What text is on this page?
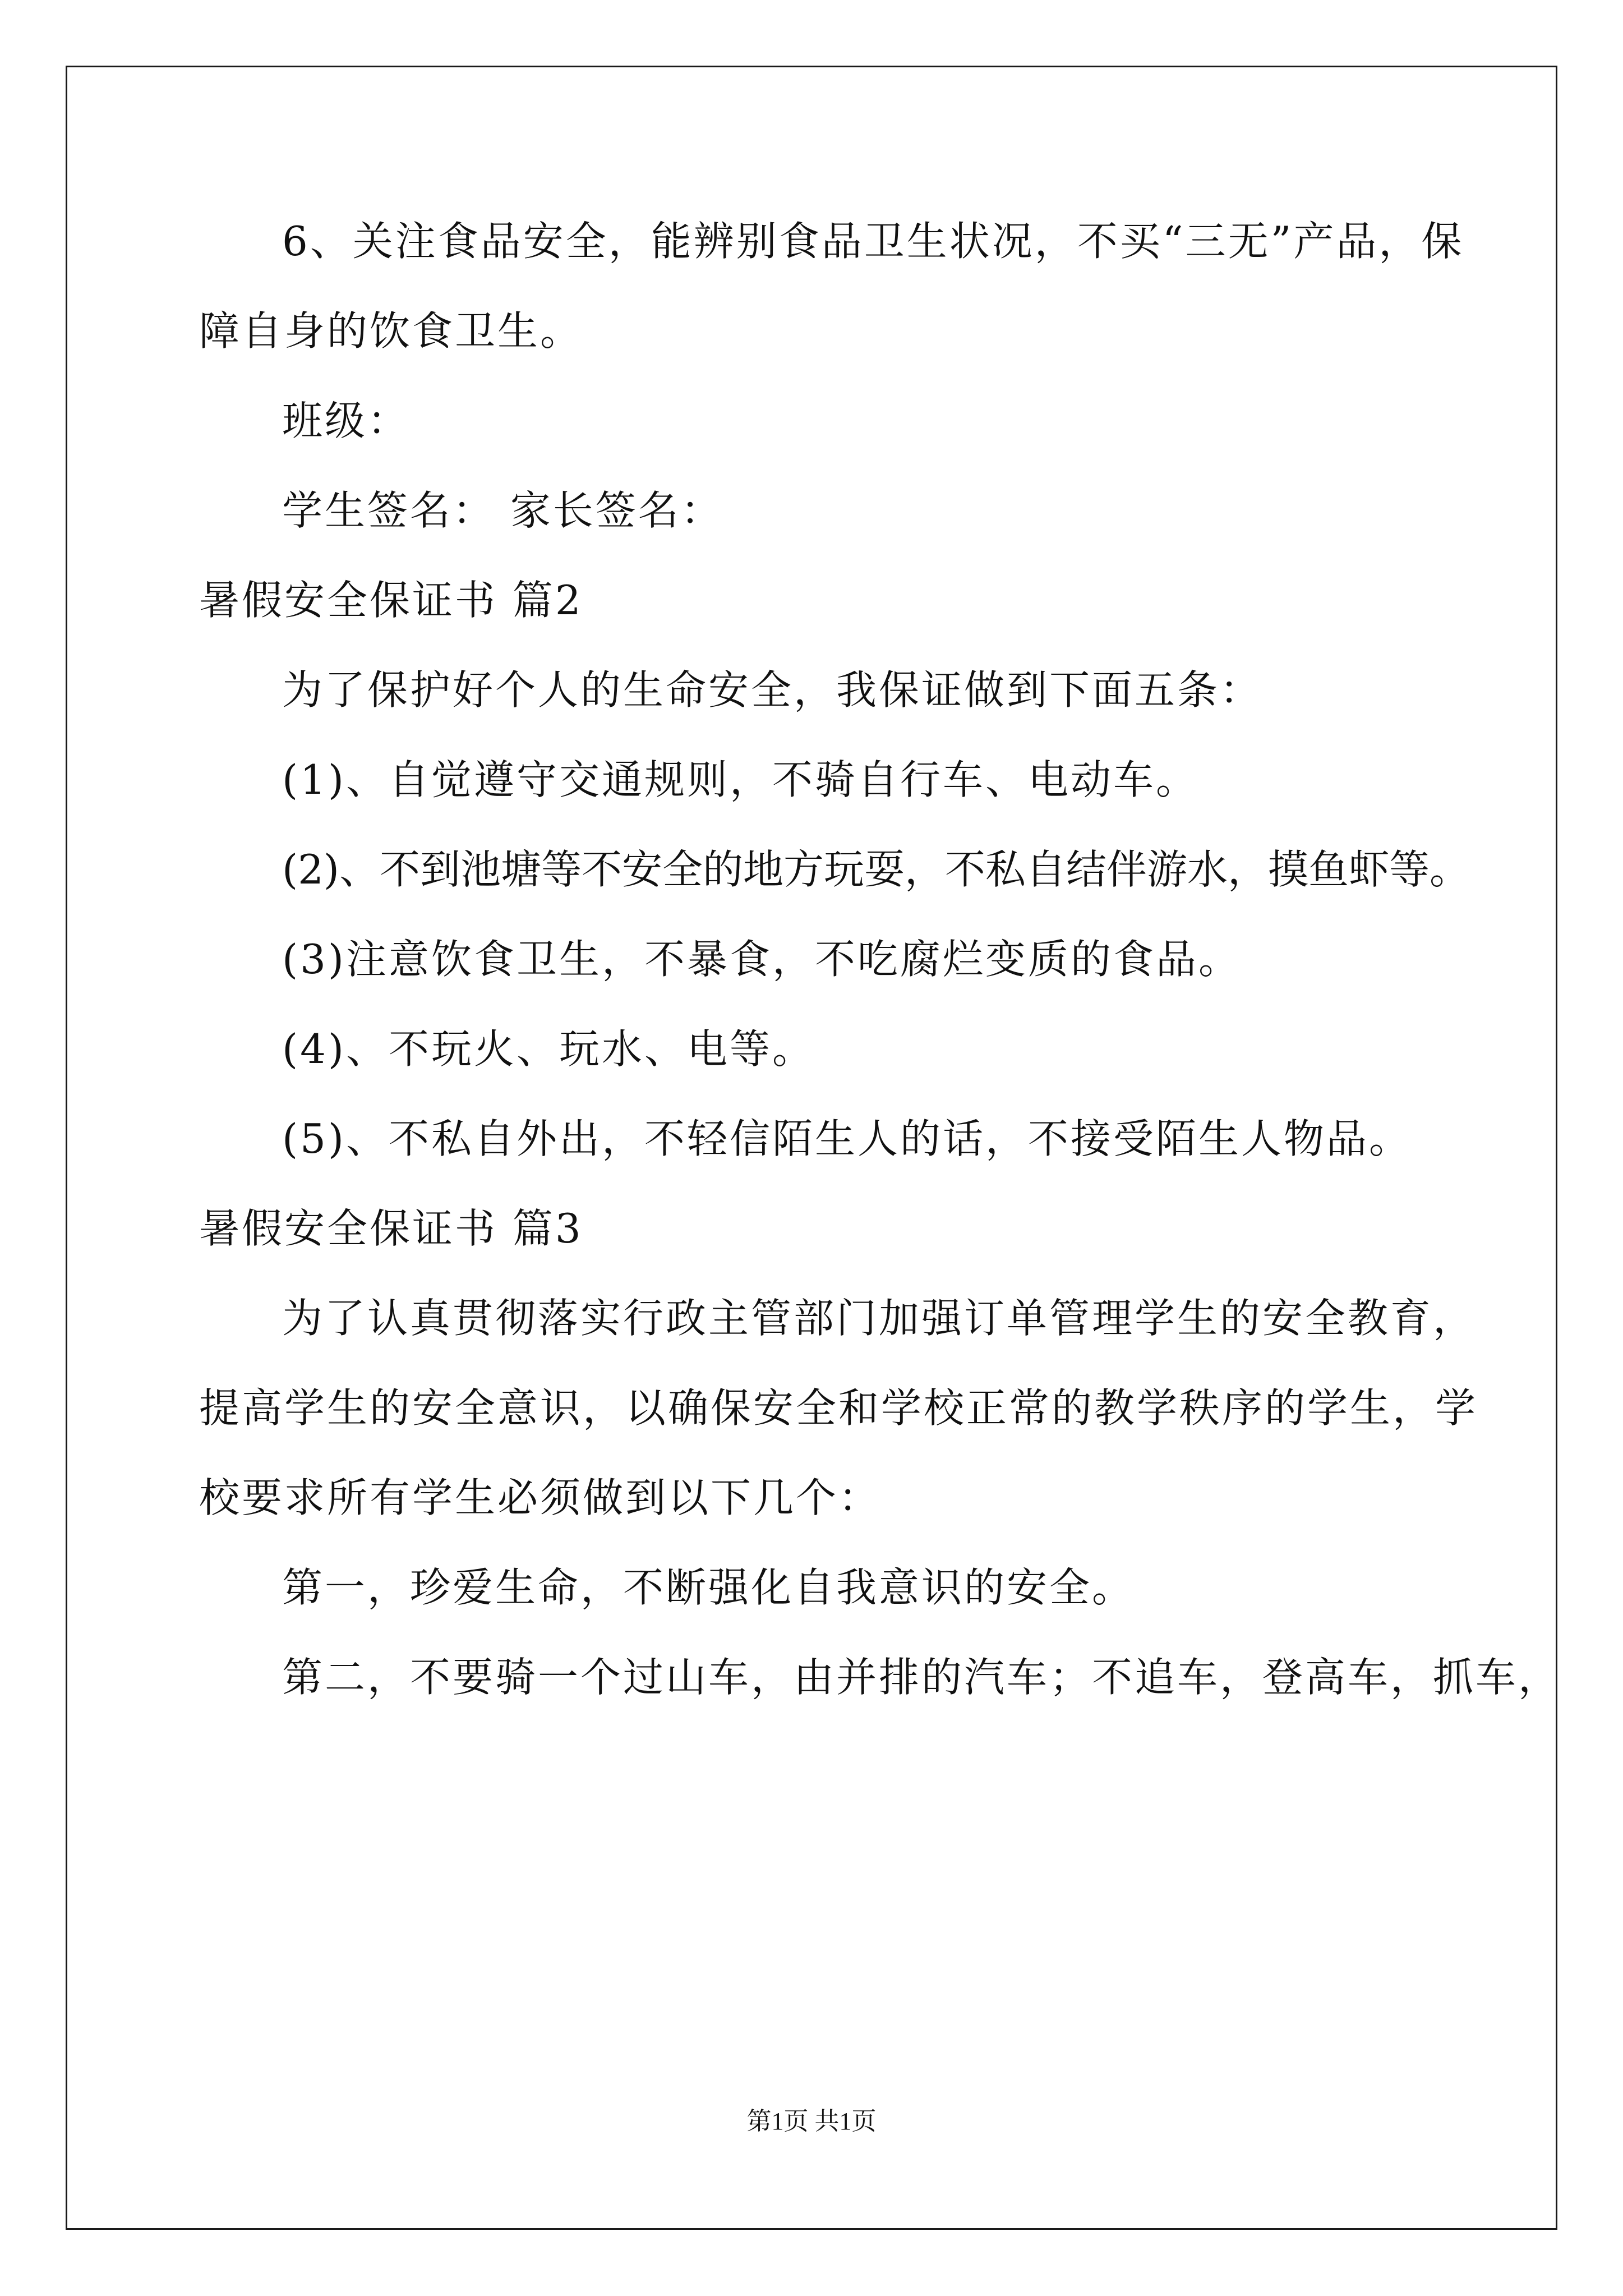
6、关注食品安全，能辨别食品卫生状况，不买“三无”产品，保
障自身的饮食卫生。
班级：
学生签名： 家长签名：
暑假安全保证书 篇2
为了保护好个人的生命安全，我保证做到下面五条：
(1)、自觉遵守交通规则，不骑自行车、电动车。
(2)、不到池塘等不安全的地方玩耍，不私自结伴游水，摸鱼虾等。
(3)注意饮食卫生，不暴食，不吃腐烂变质的食品。
(4)、不玩火、玩水、电等。
(5)、不私自外出，不轻信陌生人的话，不接受陌生人物品。
暑假安全保证书 篇3
为了认真贯彻落实行政主管部门加强订单管理学生的安全教育，
提高学生的安全意识，以确保安全和学校正常的教学秩序的学生，学
校要求所有学生必须做到以下几个：
第一，珍爱生命，不断强化自我意识的安全。
第二，不要骑一个过山车，由并排的汽车；不追车，登高车，抓车，
第1页 共1页
